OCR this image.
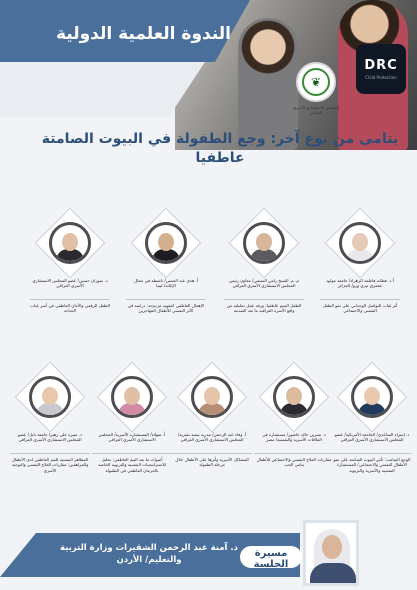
الندوة العلمية الدولية
❦
المجلس الاستشاري الأسري العراقي
DRC
Child Protection
يتامى من نوع آخر: وجع الطفولة في البيوت الصامتة عاطفيا
أ.د. فطانة فاطمة الزهراء/ جامعة مولود معمري تيزي وزو/ الجزائر
أثر غياب التواصل الوجداني على نمو الطفل النفسي والاجتماعي
م. م. الشيخ رامي التميمي/ معاون رئيس المجلس الاستشاري الأسري العراقي
الطفل اليتيم عاطفيا: ورقة عمل تحليلية من واقع الأسرة العراقية ما بعد الصدمة
أ. هدى عبد الحسن/ ناشطة في مجال الإغاثة/ ليبيا
الإهمال العاطفي كعقوبة مزدوجة: دراسة في الأثر النفسي للأطفال المهاجرين
د. سوزان حسين/ عضو المجلس الاستشاري الأسري العراقي
الطفل الرقمي والأمان العاطفي في أسر غياب الحداثة
د. إسراء الساعدي/ الجامعة الأمريكية/ عضو المجلس الاستشاري الأسري العراقي
الوجع الصامت: تأثير البيوت الصامتة على نمو الأطفال النفسي والاجتماعي/ المستشارة النفسية والأسرية والتربوية
د. نسرين خالد عاشور/ مستشارة في العلاقات الأسرية والنفسية/ مصر
مقاربات العلاج النفسي والاجتماعي للأطفال يتامى الحب
أ. وفاء عبد الرحمن/ مدربة تنمية بشرية/ المجلس الاستشاري الأسري العراقي
المشاكل الأسرية وأثرها على الأطفال خلال مرحلة الطفولة
أ. شهلاء/ المستشارة الأسرية/ المجلس الاستشاري الأسري العراقي
أصوات ما بعد اليتم العاطفي: تحليل للاستراتيجيات النفسية والتربوية الخاصة بالحرمان العاطفي في الطفولة
د. منيرة علي زهير/ جامعة بابل/ عضو المجلس الاستشاري الأسري العراقي
المظاهر النفسية لليتم العاطفي لدى الأطفال والمراهقين: مقاربات العلاج النفسي والتوجيه الأسري
د. آمنة عبد الرحمن الشقيرات وزارة التربية والتعليم/ الأردن
مسيرة الجلسة
